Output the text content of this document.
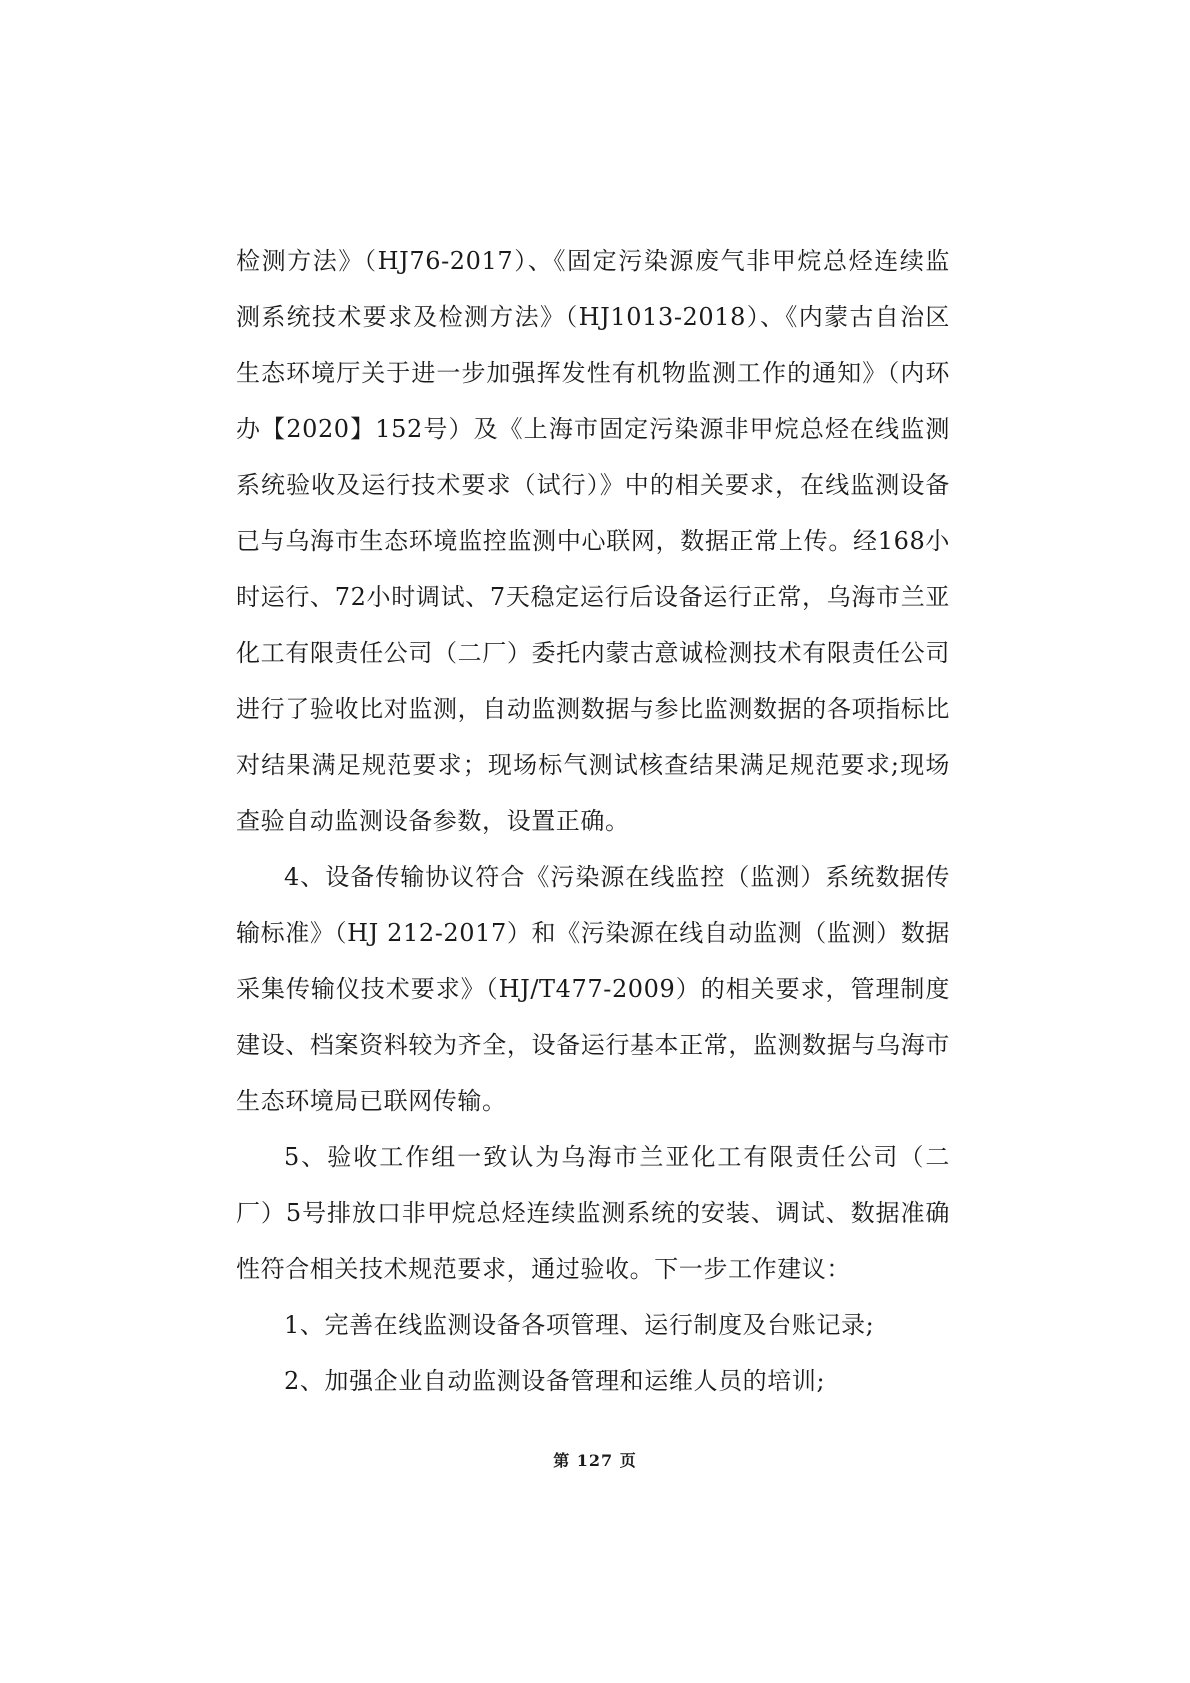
检测方法》（HJ76-2017）、《固定污染源废气非甲烷总烃连续监测系统技术要求及检测方法》（HJ1013-2018）、《内蒙古自治区生态环境厅关于进一步加强挥发性有机物监测工作的通知》（内环办【2020】152号）及《上海市固定污染源非甲烷总烃在线监测系统验收及运行技术要求（试行）》中的相关要求，在线监测设备已与乌海市生态环境监控监测中心联网，数据正常上传。经168小时运行、72小时调试、7天稳定运行后设备运行正常，乌海市兰亚化工有限责任公司（二厂）委托内蒙古意诚检测技术有限责任公司进行了验收比对监测，自动监测数据与参比监测数据的各项指标比对结果满足规范要求；现场标气测试核查结果满足规范要求;现场查验自动监测设备参数，设置正确。

4、设备传输协议符合《污染源在线监控（监测）系统数据传输标准》（HJ 212-2017）和《污染源在线自动监测（监测）数据采集传输仪技术要求》（HJ/T477-2009）的相关要求，管理制度建设、档案资料较为齐全，设备运行基本正常，监测数据与乌海市生态环境局已联网传输。

5、验收工作组一致认为乌海市兰亚化工有限责任公司（二厂）5号排放口非甲烷总烃连续监测系统的安装、调试、数据准确性符合相关技术规范要求，通过验收。下一步工作建议：

1、完善在线监测设备各项管理、运行制度及台账记录;

2、加强企业自动监测设备管理和运维人员的培训;

第 127 页
